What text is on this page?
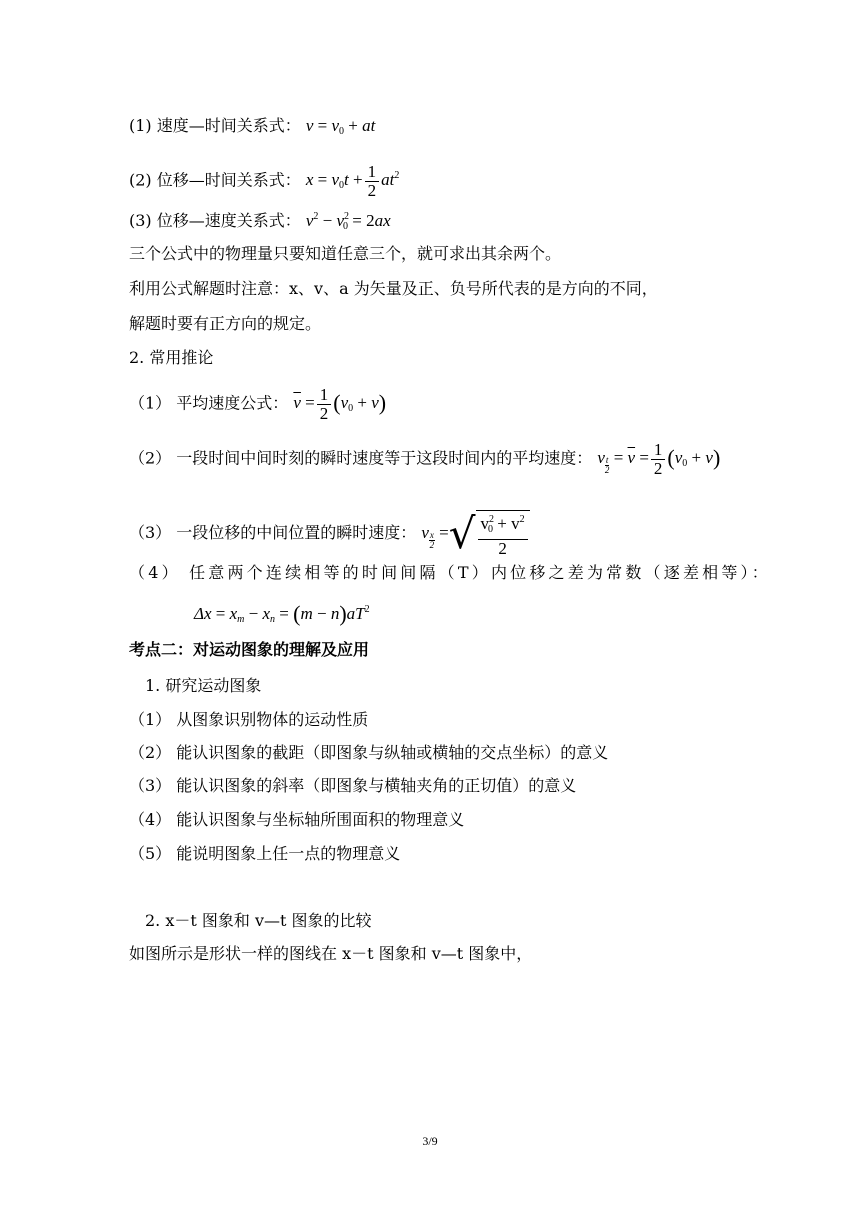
(1) 速度—时间关系式： $v = v_0$ + at
(2) 位移—时间关系式： $x = v_0t + \frac{1}{2} at^2$
(3) 位移—速度关系式： $v^2 - v^2_0 = 2ax$
三个公式中的物理量只要知道任意三个，就可求出其余两个。
利用公式解题时注意：x、v、a 为矢量及正、负号所代表的是方向的不同，
解题时要有正方向的规定。
2. 常用推论
（1） 平均速度公式： $\overline{v} = \frac{1}{2} (v_0 + v)$
（2） 一段时间中间时刻的瞬时速度等于这段时间内的平均速度： v $\frac{t}{2} = \overline{v} = \frac{1}{2} (v_0 + v)$
（3） 一段位移的中间位置的瞬时速度： v $\frac{x}{2}$ =√ $\frac{v^2_0 + v^2}{2}$
（4） 任意两个连续相等的时间间隔（T）内位移之差为常数（逐差相等）：
$\Delta x = x_m - x_n = (m - n)aT^2$
考点二：对运动图象的理解及应用
1. 研究运动图象
（1） 从图象识别物体的运动性质
（2） 能认识图象的截距（即图象与纵轴或横轴的交点坐标）的意义
（3） 能认识图象的斜率（即图象与横轴夹角的正切值）的意义
（4） 能认识图象与坐标轴所围面积的物理意义
（5） 能说明图象上任一点的物理意义
2. x－t 图象和 v—t 图象的比较
如图所示是形状一样的图线在 x－t 图象和 v—t 图象中，
3/9
